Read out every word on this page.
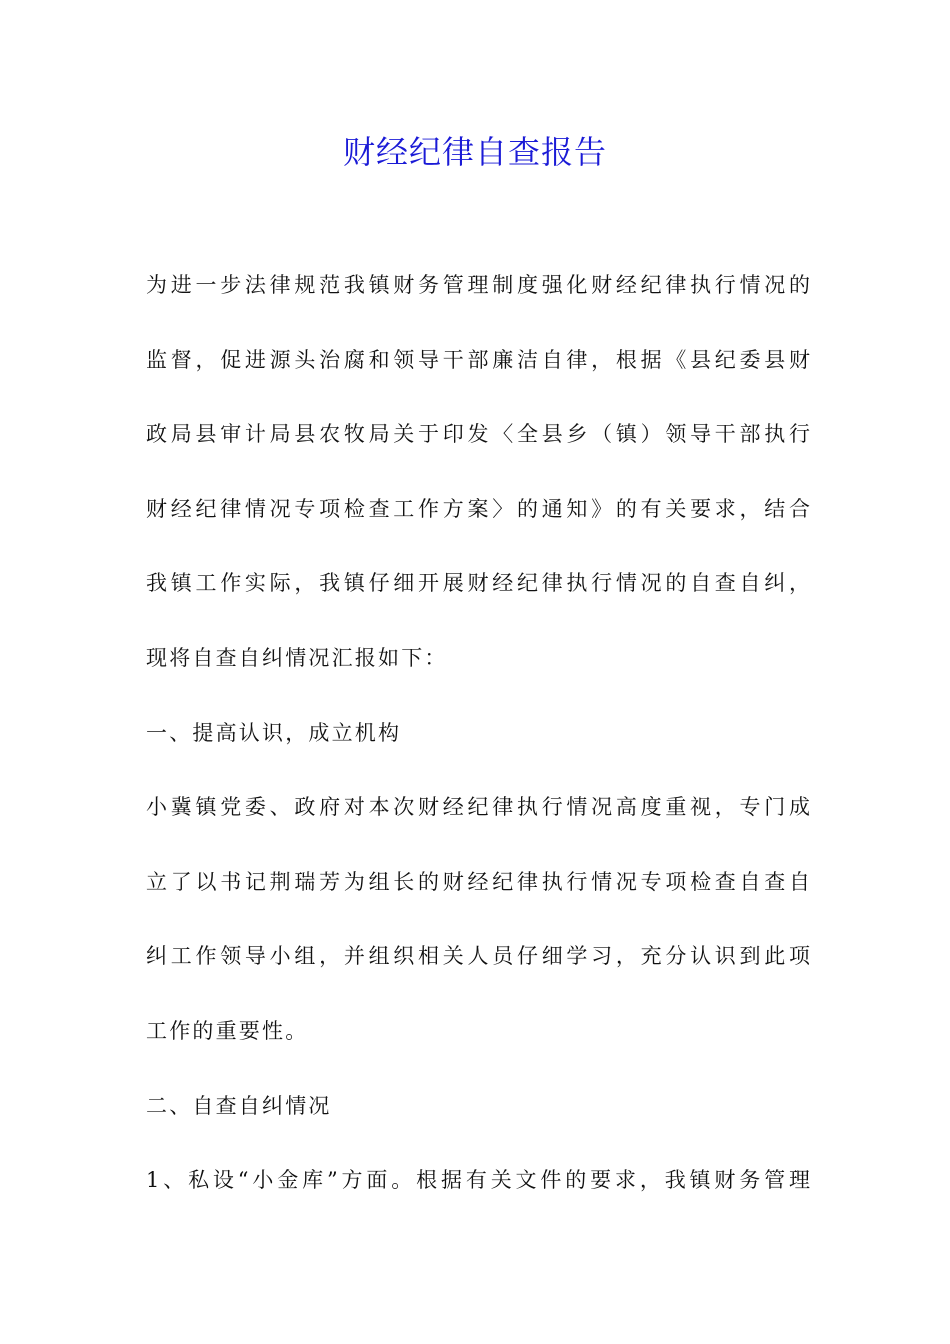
财经纪律自查报告

为进一步法律规范我镇财务管理制度强化财经纪律执行情况的

监督，促进源头治腐和领导干部廉洁自律，根据《县纪委县财

政局县审计局县农牧局关于印发〈全县乡（镇）领导干部执行

财经纪律情况专项检查工作方案〉的通知》的有关要求，结合

我镇工作实际，我镇仔细开展财经纪律执行情况的自查自纠，

现将自查自纠情况汇报如下：

一、提高认识，成立机构

小冀镇党委、政府对本次财经纪律执行情况高度重视，专门成

立了以书记荆瑞芳为组长的财经纪律执行情况专项检查自查自

纠工作领导小组，并组织相关人员仔细学习，充分认识到此项

工作的重要性。

二、自查自纠情况

1、私设“小金库”方面。根据有关文件的要求，我镇财务管理
